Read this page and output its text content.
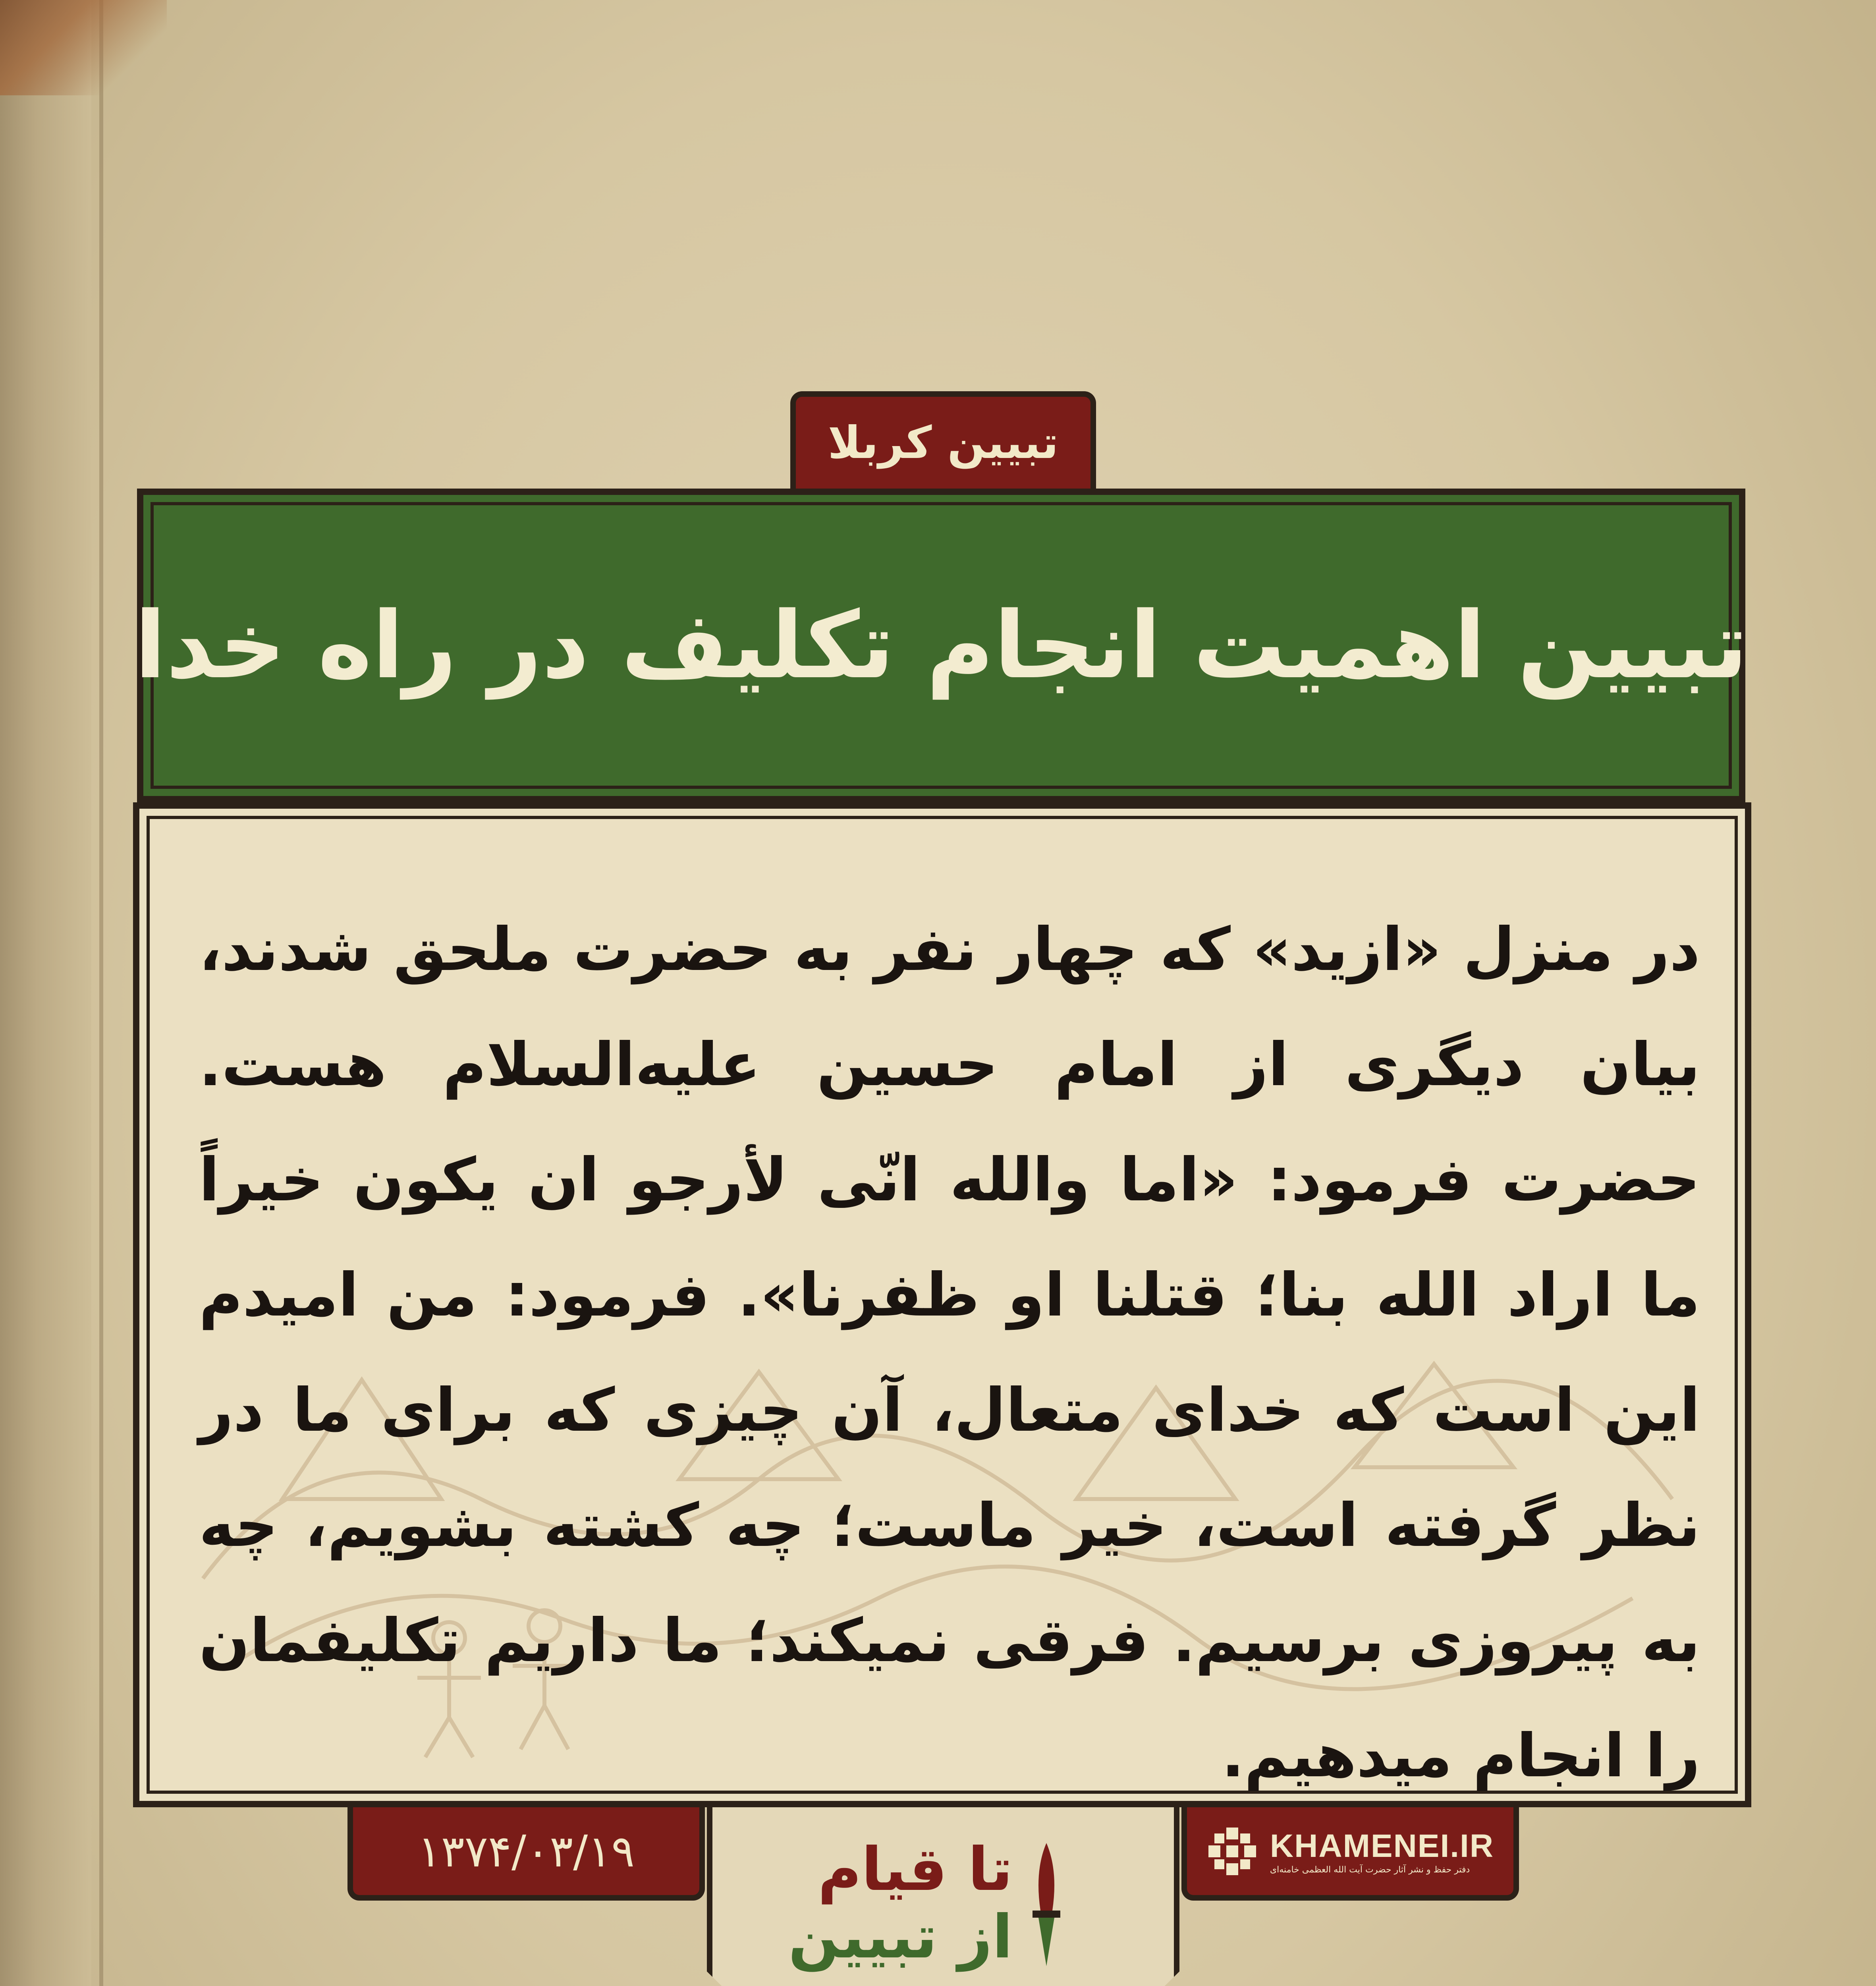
تبیین کربلا
تبیین اهمیت انجام تکلیف در راه خدا
در منزل «ازید» که چهار نفر به حضرت ملحق شدند، بیان دیگری از امام حسین علیه‌السلام هست. حضرت فرمود: «اما والله انّی لأرجو ان یکون خیراً ما اراد الله بنا؛ قتلنا او ظفرنا». فرمود: من امیدم این است که خدای متعال، آن چیزی که برای ما در نظر گرفته است، خیر ماست؛ چه کشته بشویم، چه به پیروزی برسیم. فرقی نمیکند؛ ما داریم تکلیفمان را انجام میدهیم.
۱۳۷۴/۰۳/۱۹	تا قیام
از تبیین
KHAMENEI.IR
دفتر حفظ و نشر آثار حضرت آیت الله العظمی خامنه‌ای
